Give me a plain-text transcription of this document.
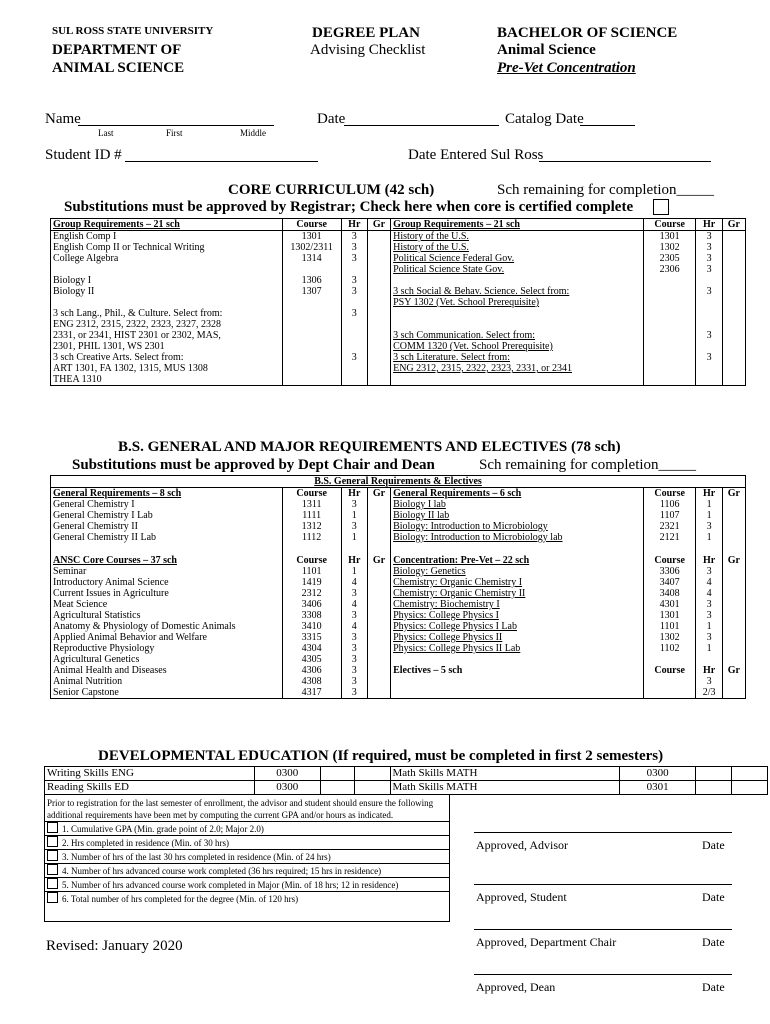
SUL ROSS STATE UNIVERSITY
DEPARTMENT OF
ANIMAL SCIENCE
DEGREE PLAN
Advising Checklist
BACHELOR OF SCIENCE
Animal Science
Pre-Vet Concentration
Name
Last	First	Middle
Date	Catalog Date
Student ID #	Date Entered Sul Ross
CORE CURRICULUM (42 sch)	Sch remaining for completion_____
Substitutions must be approved by Registrar; Check here when core is certified complete
Group Requirements – 21 sch	Course	Hr	Gr	Group Requirements – 21 sch	Course	Hr	Gr
English Comp I	1301	3		History of the U.S.	1301	3	
English Comp II or Technical Writing	1302/2311	3		History of the U.S.	1302	3	

College Algebra	1314	3		Political Science Federal Gov.	2305	3	
				Political Science State Gov.	2306	3	
Biology I	1306	3					
Biology II	1307	3		3 sch Social & Behav. Science. Select from:		3	
				PSY 1302 (Vet. School Prerequisite)			
3 sch Lang., Phil., & Culture. Select from:		3					
ENG 2312, 2315, 2322, 2323, 2327, 2328							
2331, or 2341, HIST 2301 or 2302, MAS,				3 sch Communication. Select from:		3	
2301, PHIL 1301, WS 2301				COMM 1320 (Vet. School Prerequisite)			

3 sch Creative Arts. Select from:		3		3 sch Literature. Select from:		3	
ART 1301, FA 1302, 1315, MUS 1308				ENG 2312, 2315, 2322, 2323, 2331, or 2341			
THEA 1310							
B.S. GENERAL AND MAJOR REQUIREMENTS AND ELECTIVES (78 sch)
Substitutions must be approved by Dept Chair and Dean	Sch remaining for completion_____
B.S. General Requirements & Electives							
General Requirements – 8 sch	Course	Hr	Gr	General Requirements – 6 sch	Course	Hr	Gr
General Chemistry I	1311	3		Biology I lab	1106	1	
General Chemistry I Lab	1111	1		Biology II lab	1107	1	
General Chemistry II	1312	3		Biology: Introduction to Microbiology	2321	3	
General Chemistry II Lab	1112	1		Biology: Introduction to Microbiology lab	2121	1	

ANSC Core Courses – 37 sch	Course	Hr	Gr	Concentration: Pre-Vet – 22 sch	Course	Hr	Gr
Seminar	1101	1		Biology: Genetics	3306	3	
Introductory Animal Science	1419	4		Chemistry: Organic Chemistry I	3407	4	
Current Issues in Agriculture	2312	3		Chemistry: Organic Chemistry II	3408	4	
Meat Science	3406	4		Chemistry: Biochemistry I	4301	3	
Agricultural Statistics	3308	3		Physics: College Physics I	1301	3	
Anatomy & Physiology of Domestic Animals	3410	4		Physics: College Physics I Lab	1101	1	
Applied Animal Behavior and Welfare	3315	3		Physics: College Physics II	1302	3	
Reproductive Physiology	4304	3		Physics: College Physics II Lab	1102	1	
Agricultural Genetics	4305	3					
Animal Health and Diseases	4306	3		Electives – 5 sch	Course	Hr	Gr
Animal Nutrition	4308	3				3	
Senior Capstone	4317	3				2/3	
DEVELOPMENTAL EDUCATION (If required, must be completed in first 2 semesters)
Writing Skills ENG	0300			Math Skills MATH	0300		
Reading Skills ED	0300			Math Skills MATH	0301		
Prior to registration for the last semester of enrollment, the advisor and student should ensure the following additional requirements have been met by computing the current GPA and/or hours as indicated.
1. Cumulative GPA (Min. grade point of 2.0; Major 2.0)
2. Hrs completed in residence (Min. of 30 hrs)
3. Number of hrs of the last 30 hrs completed in residence (Min. of 24 hrs)
4. Number of hrs advanced course work completed (36 hrs required; 15 hrs in residence)
5. Number of hrs advanced course work completed in Major (Min. of 18 hrs; 12 in residence)
6. Total number of hrs completed for the degree (Min. of 120 hrs)
Revised: January 2020
Approved, Advisor	Date
Approved, Student	Date
Approved, Department Chair	Date
Approved, Dean	Date
